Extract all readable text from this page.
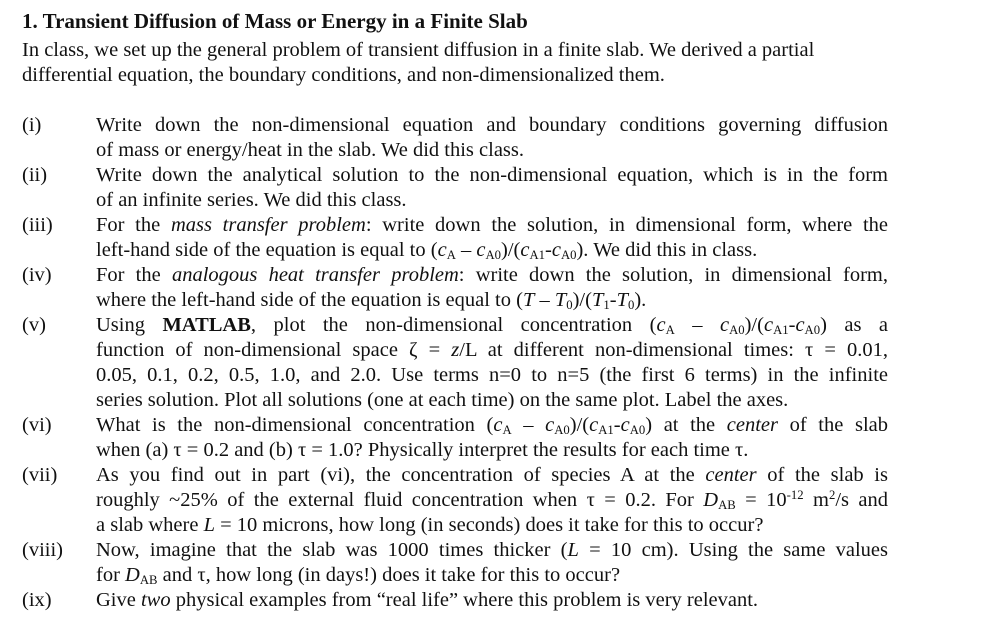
1. Transient Diffusion of Mass or Energy in a Finite Slab
In class, we set up the general problem of transient diffusion in a finite slab. We derived a partial
differential equation, the boundary conditions, and non-dimensionalized them.
(i)	Write down the non-dimensional equation and boundary conditions governing diffusion
of mass or energy/heat in the slab. We did this class.
(ii)	Write down the analytical solution to the non-dimensional equation, which is in the form
of an infinite series. We did this class.
(iii)	For the mass transfer problem: write down the solution, in dimensional form, where the
left-hand side of the equation is equal to $(c_A - c_{A0})/(c_{A1}-c_{A0})$. We did this in class.
(iv)	For the analogous heat transfer problem: write down the solution, in dimensional form,
where the left-hand side of the equation is equal to $(T - T_0)/(T_1-T_0)$.
(v)	Using MATLAB, plot the non-dimensional concentration $(c_A - c_{A0})/(c_{A1}-c_{A0})$ as a
function of non-dimensional space ζ = z/L at different non-dimensional times: τ = 0.01,
0.05, 0.1, 0.2, 0.5, 1.0, and 2.0. Use terms n=0 to n=5 (the first 6 terms) in the infinite
series solution. Plot all solutions (one at each time) on the same plot. Label the axes.
(vi)	What is the non-dimensional concentration $(c_A - c_{A0})/(c_{A1}-c_{A0})$ at the center of the slab
when (a) τ = 0.2 and (b) τ = 1.0? Physically interpret the results for each time τ.
(vii)	As you find out in part (vi), the concentration of species A at the center of the slab is
roughly ~25% of the external fluid concentration when τ = 0.2. For $D_{AB} = 10^{-12}$ $m^2/s$ and
a slab where L = 10 microns, how long (in seconds) does it take for this to occur?
(viii)	Now, imagine that the slab was 1000 times thicker (L = 10 cm). Using the same values
for $D_{AB}$ and τ, how long (in days!) does it take for this to occur?
(ix)	Give two physical examples from “real life” where this problem is very relevant.
